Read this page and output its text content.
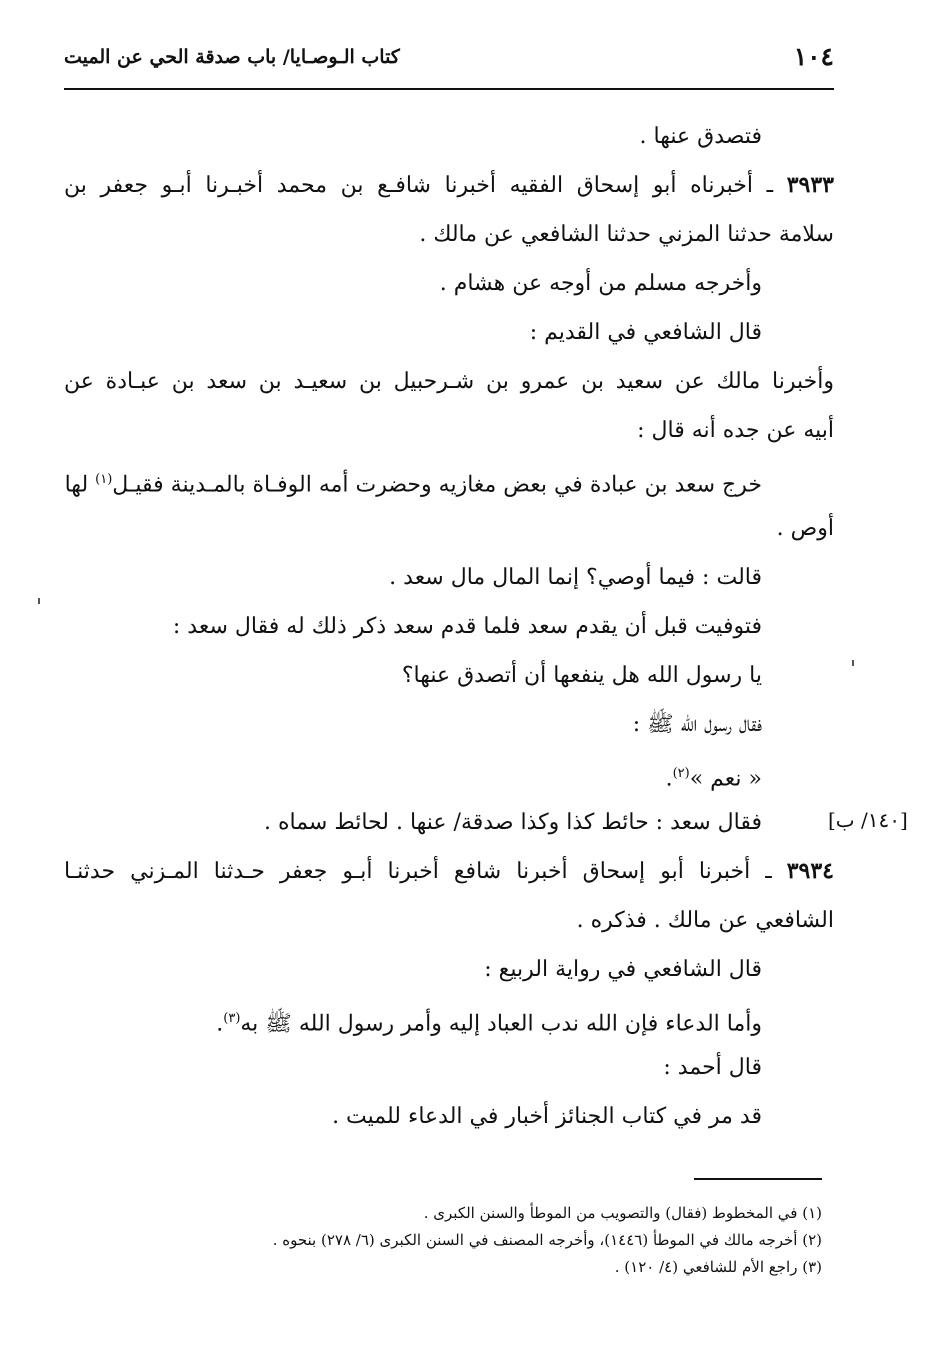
١٠٤
كتاب الـوصـايا/ باب صدقة الحي عن الميت
فتصدق عنها .
٣٩٣٣ ـ أخبرناه أبو إسحاق الفقيه أخبرنا شافـع بن محمد أخبـرنا أبـو جعفر بن
سلامة حدثنا المزني حدثنا الشافعي عن مالك .
وأخرجه مسلم من أوجه عن هشام .
قال الشافعي في القديم :
وأخبرنا مالك عن سعيد بن عمرو بن شـرحبيل بن سعيـد بن سعد بن عبـادة عن
أبيه عن جده أنه قال :
خرج سعد بن عبادة في بعض مغازيه وحضرت أمه الوفـاة بالمـدينة فقيـل$^{(١)}$ لها
أوص .
قالت : فيما أوصي؟ إنما المال مال سعد .
فتوفيت قبل أن يقدم سعد فلما قدم سعد ذكر ذلك له فقال سعد :
يا رسول الله هل ينفعها أن أتصدق عنها؟
فقال رسول الله ﷺ :
« نعم »$^{(٢)}$.
فقال سعد : حائط كذا وكذا صدقة/ عنها . لحائط سماه .
٣٩٣٤ ـ أخبرنا أبو إسحاق أخبرنا شافع أخبرنا أبـو جعفر حـدثنا المـزني حدثنـا
الشافعي عن مالك . فذكره .
قال الشافعي في رواية الربيع :
وأما الدعاء فإن الله ندب العباد إليه وأمر رسول الله ﷺ به$^{(٣)}$.
قال أحمد :
قد مر في كتاب الجنائز أخبار في الدعاء للميت .
[١٤٠/ ب]
(١) في المخطوط (فقال) والتصويب من الموطأ والسنن الكبرى .
(٢) أخرجه مالك في الموطأ (١٤٤٦)، وأخرجه المصنف في السنن الكبرى (٦/ ٢٧٨) بنحوه .
(٣) راجع الأم للشافعي (٤/ ١٢٠) .
